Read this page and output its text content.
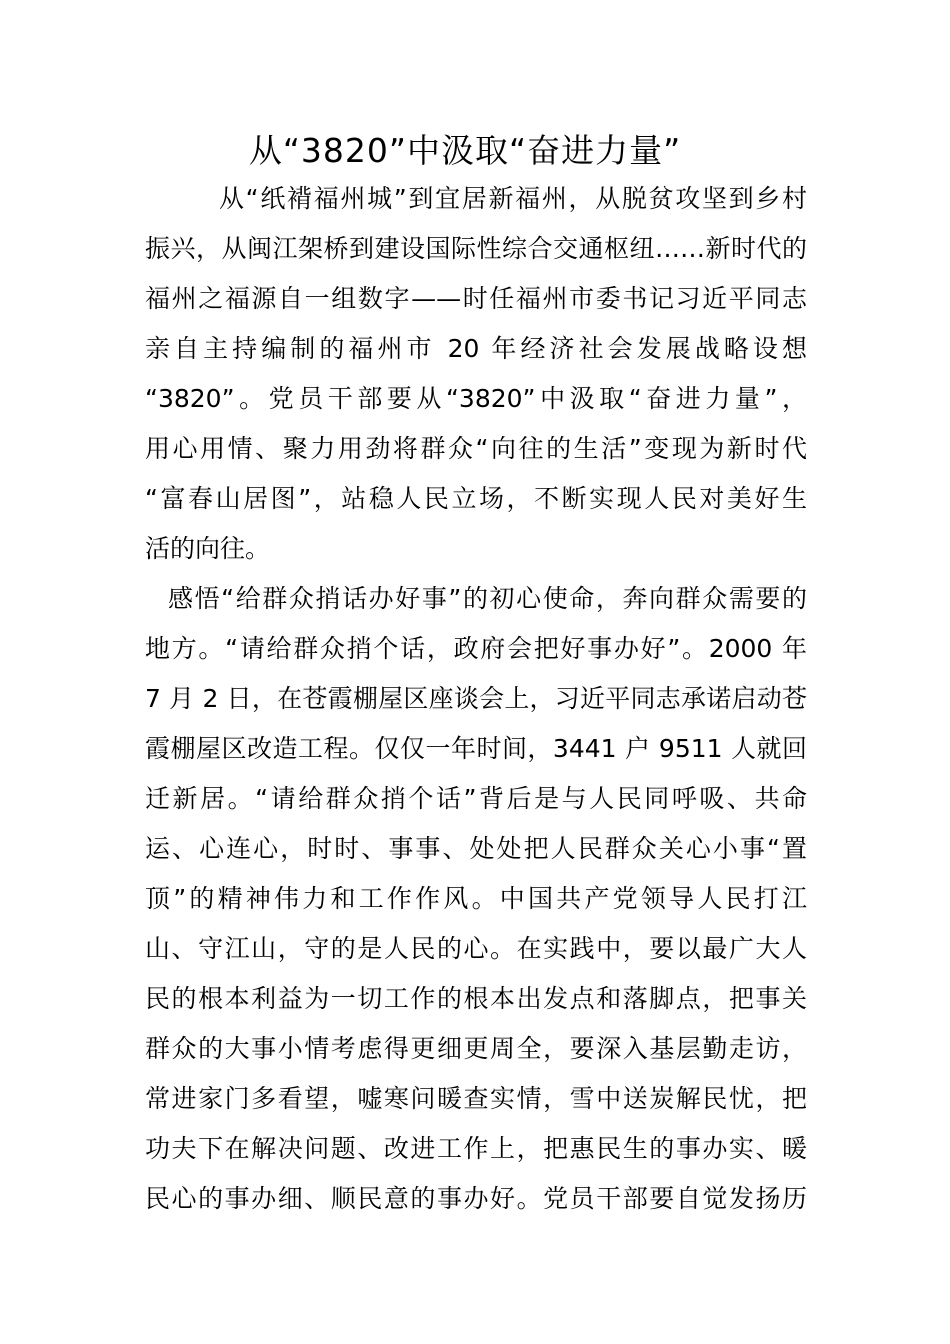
从“3820”中汲取“奋进力量”
从“纸褙福州城”到宜居新福州，从脱贫攻坚到乡村
振兴，从闽江架桥到建设国际性综合交通枢纽……新时代的
福州之福源自一组数字——时任福州市委书记习近平同志
亲自主持编制的福州市 20 年经济社会发展战略设想
“3820”。党员干部要从“3820”中汲取“奋进力量”，
用心用情、聚力用劲将群众“向往的生活”变现为新时代
“富春山居图”，站稳人民立场，不断实现人民对美好生
活的向往。
感悟“给群众捎话办好事”的初心使命，奔向群众需要的
地方。“请给群众捎个话，政府会把好事办好”。2000 年
7 月 2 日，在苍霞棚屋区座谈会上，习近平同志承诺启动苍
霞棚屋区改造工程。仅仅一年时间，3441 户 9511 人就回
迁新居。“请给群众捎个话”背后是与人民同呼吸、共命
运、心连心，时时、事事、处处把人民群众关心小事“置
顶”的精神伟力和工作作风。中国共产党领导人民打江
山、守江山，守的是人民的心。在实践中，要以最广大人
民的根本利益为一切工作的根本出发点和落脚点，把事关
群众的大事小情考虑得更细更周全，要深入基层勤走访，
常进家门多看望，嘘寒问暖查实情，雪中送炭解民忧，把
功夫下在解决问题、改进工作上，把惠民生的事办实、暖
民心的事办细、顺民意的事办好。党员干部要自觉发扬历
